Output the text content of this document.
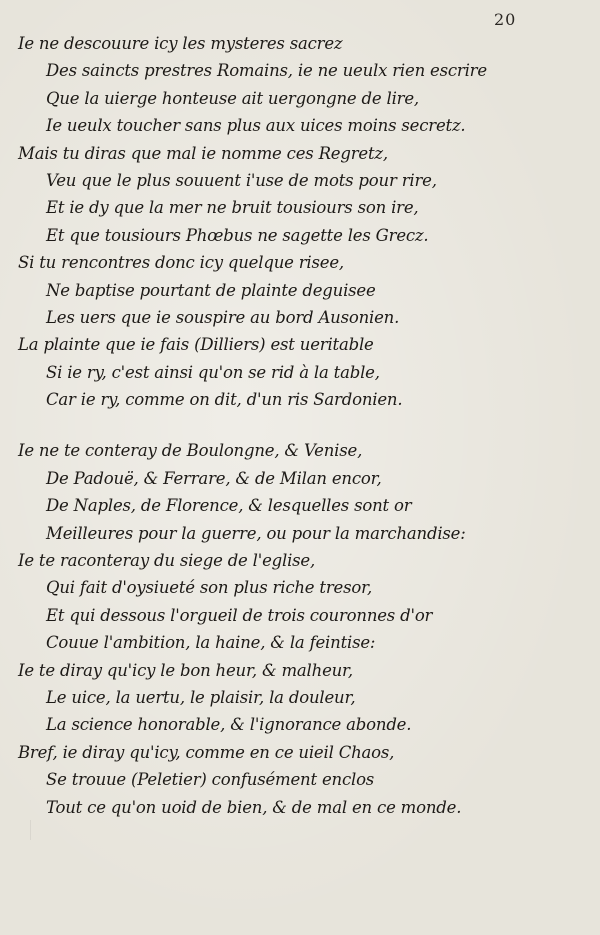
20
Ie ne descouure icy les mysteres sacrez
Des saincts prestres Romains, ie ne ueulx rien escrire
Que la uierge honteuse ait uergongne de lire,
Ie ueulx toucher sans plus aux uices moins secretz.
Mais tu diras que mal ie nomme ces Regretz,
Veu que le plus souuent i'use de mots pour rire,
Et ie dy que la mer ne bruit tousiours son ire,
Et que tousiours Phœbus ne sagette les Grecz.
Si tu rencontres donc icy quelque risee,
Ne baptise pourtant de plainte deguisee
Les uers que ie souspire au bord Ausonien.
La plainte que ie fais (Dilliers) est ueritable
Si ie ry, c'est ainsi qu'on se rid à la table,
Car ie ry, comme on dit, d'un ris Sardonien.
Ie ne te conteray de Boulongne, & Venise,
De Padouë, & Ferrare, & de Milan encor,
De Naples, de Florence, & lesquelles sont or
Meilleures pour la guerre, ou pour la marchandise:
Ie te raconteray du siege de l'eglise,
Qui fait d'oysiueté son plus riche tresor,
Et qui dessous l'orgueil de trois couronnes d'or
Couue l'ambition, la haine, & la feintise:
Ie te diray qu'icy le bon heur, & malheur,
Le uice, la uertu, le plaisir, la douleur,
La science honorable, & l'ignorance abonde.
Bref, ie diray qu'icy, comme en ce uieil Chaos,
Se trouue (Peletier) confusément enclos
Tout ce qu'on uoid de bien, & de mal en ce monde.
